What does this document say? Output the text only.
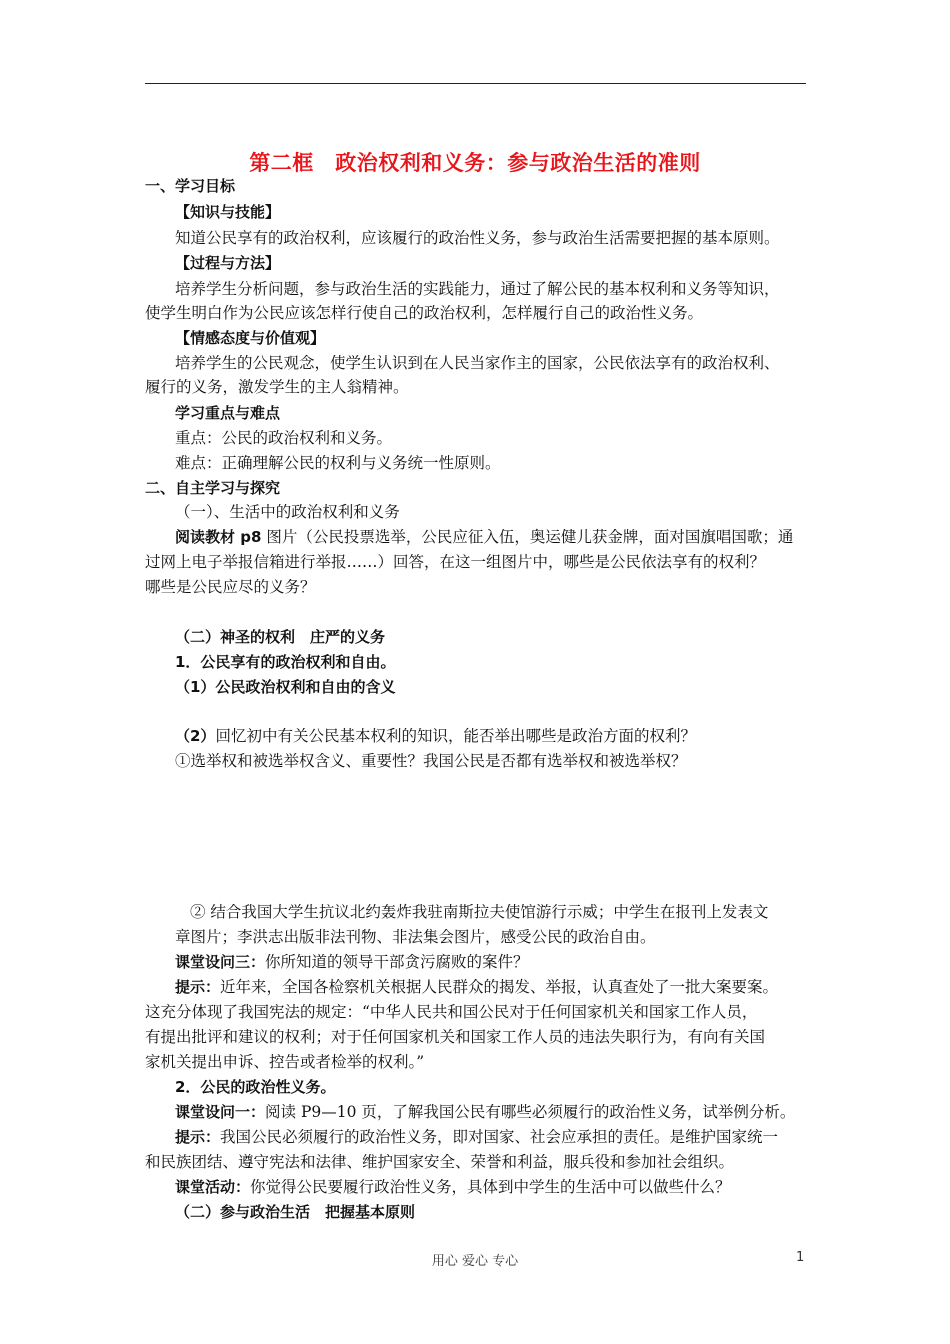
第二框　政治权利和义务：参与政治生活的准则
一、学习目标
【知识与技能】
知道公民享有的政治权利，应该履行的政治性义务，参与政治生活需要把握的基本原则。
【过程与方法】
培养学生分析问题，参与政治生活的实践能力，通过了解公民的基本权利和义务等知识，
使学生明白作为公民应该怎样行使自己的政治权利，怎样履行自己的政治性义务。
【情感态度与价值观】
培养学生的公民观念，使学生认识到在人民当家作主的国家，公民依法享有的政治权利、
履行的义务，激发学生的主人翁精神。
学习重点与难点
重点：公民的政治权利和义务。
难点：正确理解公民的权利与义务统一性原则。
二、自主学习与探究
（一）、生活中的政治权利和义务
阅读教材 p8 图片（公民投票选举，公民应征入伍，奥运健儿获金牌，面对国旗唱国歌；通
过网上电子举报信箱进行举报……）回答，在这一组图片中，哪些是公民依法享有的权利？
哪些是公民应尽的义务？
（二）神圣的权利　庄严的义务
1．公民享有的政治权利和自由。
（1）公民政治权利和自由的含义
（2）回忆初中有关公民基本权利的知识，能否举出哪些是政治方面的权利？
①选举权和被选举权含义、重要性？我国公民是否都有选举权和被选举权？
② 结合我国大学生抗议北约轰炸我驻南斯拉夫使馆游行示威；中学生在报刊上发表文
章图片；李洪志出版非法刊物、非法集会图片，感受公民的政治自由。
课堂设问三：你所知道的领导干部贪污腐败的案件？
提示：近年来，全国各检察机关根据人民群众的揭发、举报，认真查处了一批大案要案。
这充分体现了我国宪法的规定：“中华人民共和国公民对于任何国家机关和国家工作人员，
有提出批评和建议的权利；对于任何国家机关和国家工作人员的违法失职行为，有向有关国
家机关提出申诉、控告或者检举的权利。”
2．公民的政治性义务。
课堂设问一：阅读 P9—10 页，了解我国公民有哪些必须履行的政治性义务，试举例分析。
提示：我国公民必须履行的政治性义务，即对国家、社会应承担的责任。是维护国家统一
和民族团结、遵守宪法和法律、维护国家安全、荣誉和利益，服兵役和参加社会组织。
课堂活动：你觉得公民要履行政治性义务，具体到中学生的生活中可以做些什么？
（二）参与政治生活　把握基本原则
用心 爱心 专心	1
